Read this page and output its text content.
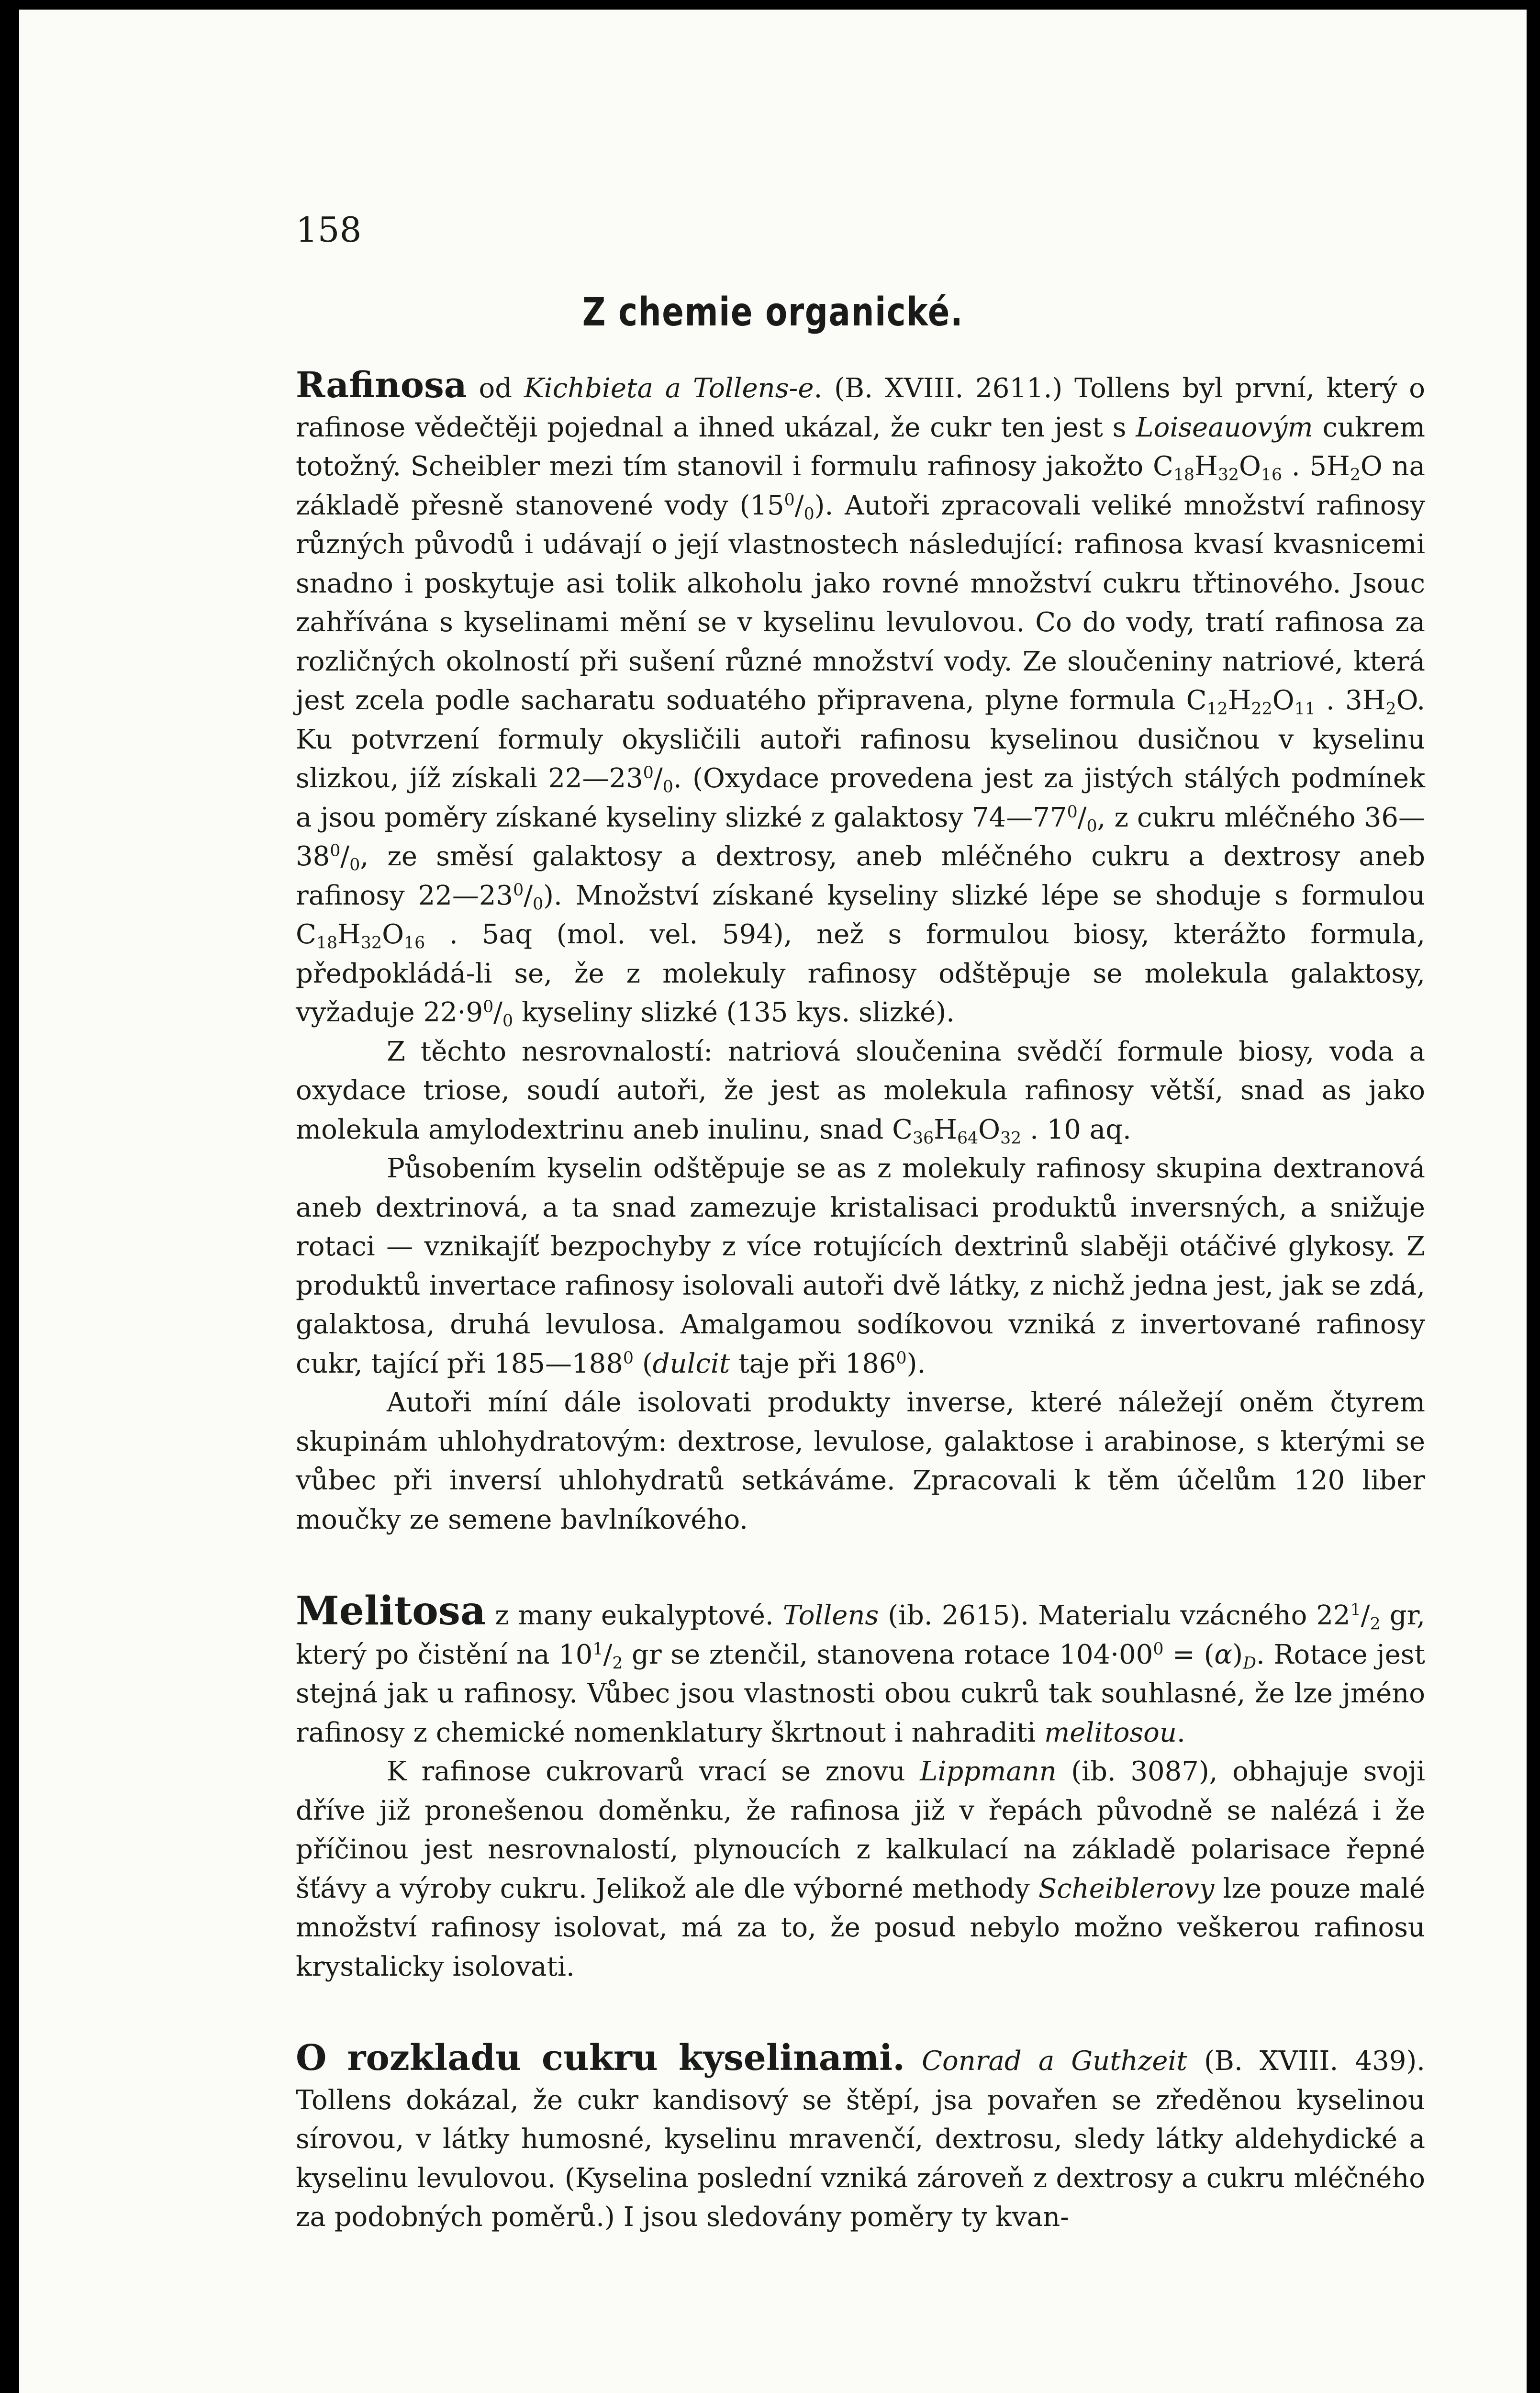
158

Z chemie organické.

Rafinosa od Kichbieta a Tollens-e. (B. XVIII. 2611.) Tollens byl první, který o rafinose vědečtěji pojednal a ihned ukázal, že cukr ten jest s Loiseauovým cukrem totožný. Scheibler mezi tím stanovil i formulu rafinosy jakožto $C_{18}H_{32}O_{16}$ . $5H_2O$ na základě přesně stanovené vody $(15^0/_0)$. Autoři zpracovali veliké množství rafinosy různých původů i udávají o její vlastnostech následující: rafinosa kvasí kvasnicemi snadno i poskytuje asi tolik alkoholu jako rovné množství cukru třtinového. Jsouc zahřívána s kyselinami mění se v kyselinu levulovou. Co do vody, tratí rafinosa za rozličných okolností při sušení různé množství vody. Ze sloučeniny natriové, která jest zcela podle sacharatu soduatého připravena, plyne formula $C_{12}H_{22}O_{11}$ . $3H_2O$. Ku potvrzení formuly okysličili autoři rafinosu kyselinou dusičnou v kyselinu slizkou, jíž získali $22—23^0/_0$. (Oxydace provedena jest za jistých stálých podmínek a jsou poměry získané kyseliny slizké z galaktosy $74—77^0/_0$, z cukru mléčného $36—38^0/_0$, ze směsí galaktosy a dextrosy, aneb mléčného cukru a dextrosy aneb rafinosy $22—23^0/_0$). Množství získané kyseliny slizké lépe se shoduje s formulou $C_{18}H_{32}O_{16}$ . 5aq (mol. vel. 594), než s formulou biosy, kterážto formula, předpokládá-li se, že z molekuly rafinosy odštěpuje se molekula galaktosy, vyžaduje $22\cdot 9^0/_0$ kyseliny slizké (135 kys. slizké).

Z těchto nesrovnalostí: natriová sloučenina svědčí formule biosy, voda a oxydace triose, soudí autoři, že jest as molekula rafinosy větší, snad as jako molekula amylodextrinu aneb inulinu, snad $C_{36}H_{64}O_{32}$ . 10 aq.

Působením kyselin odštěpuje se as z molekuly rafinosy skupina dextranová aneb dextrinová, a ta snad zamezuje kristalisaci produktů inversných, a snižuje rotaci — vznikajíť bezpochyby z více rotujících dextrinů slaběji otáčivé glykosy. Z produktů invertace rafinosy isolovali autoři dvě látky, z nichž jedna jest, jak se zdá, galaktosa, druhá levulosa. Amalgamou sodíkovou vzniká z invertované rafinosy cukr, tající při $185—188^0$ (dulcit taje při $186^0$).

Autoři míní dále isolovati produkty inverse, které náležejí oněm čtyrem skupinám uhlohydratovým: dextrose, levulose, galaktose i arabinose, s kterými se vůbec při inversí uhlohydratů setkáváme. Zpracovali k těm účelům 120 liber moučky ze semene bavlníkového.

Melitosa z many eukalyptové. Tollens (ib. 2615). Materialu vzácného $22^1/_2$ gr, který po čistění na $10^1/_2$ gr se ztenčil, stanovena rotace $104\cdot 00^0 = (\alpha)_D$. Rotace jest stejná jak u rafinosy. Vůbec jsou vlastnosti obou cukrů tak souhlasné, že lze jméno rafinosy z chemické nomenklatury škrtnout i nahraditi melitosou.

K rafinose cukrovarů vrací se znovu Lippmann (ib. 3087), obhajuje svoji dříve již pronešenou doměnku, že rafinosa již v řepách původně se nalézá i že příčinou jest nesrovnalostí, plynoucích z kalkulací na základě polarisace řepné šťávy a výroby cukru. Jelikož ale dle výborné methody Scheiblerovy lze pouze malé množství rafinosy isolovat, má za to, že posud nebylo možno veškerou rafinosu krystalicky isolovati.

O rozkladu cukru kyselinami. Conrad a Guthzeit (B. XVIII. 439). Tollens dokázal, že cukr kandisový se štěpí, jsa povařen se zředěnou kyselinou sírovou, v látky humosné, kyselinu mravenčí, dextrosu, sledy látky aldehydické a kyselinu levulovou. (Kyselina poslední vzniká zároveň z dextrosy a cukru mléčného za podobných poměrů.) I jsou sledovány poměry ty kvan-
